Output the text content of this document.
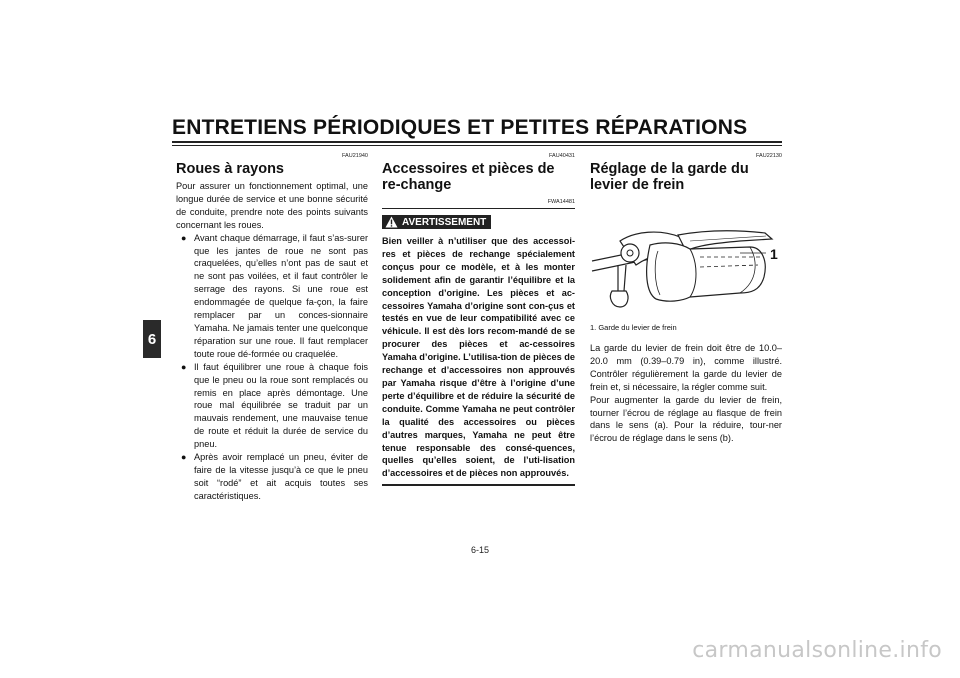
ENTRETIENS PÉRIODIQUES ET PETITES RÉPARATIONS
6
FAU21940
Roues à rayons

Pour assurer un fonctionnement optimal, une longue durée de service et une bonne sécurité de conduite, prendre note des points suivants concernant les roues.

● Avant chaque démarrage, il faut s’as-surer que les jantes de roue ne sont pas craquelées, qu’elles n’ont pas de saut et ne sont pas voilées, et il faut contrôler le serrage des rayons. Si une roue est endommagée de quelque fa-çon, la faire remplacer par un conces-sionnaire Yamaha. Ne jamais tenter une quelconque réparation sur une roue. Il faut remplacer toute roue dé-formée ou craquelée.
● Il faut équilibrer une roue à chaque fois que le pneu ou la roue sont remplacés ou remis en place après démontage. Une roue mal équilibrée se traduit par un mauvais rendement, une mauvaise tenue de route et réduit la durée de service du pneu.
● Après avoir remplacé un pneu, éviter de faire de la vitesse jusqu’à ce que le pneu soit “rodé” et ait acquis toutes ses caractéristiques.
FAU40431
Accessoires et pièces de re-change
FWA14481
AVERTISSEMENT
Bien veiller à n’utiliser que des accessoi-res et pièces de rechange spécialement conçus pour ce modèle, et à les monter solidement afin de garantir l’équilibre et la conception d’origine. Les pièces et ac-cessoires Yamaha d’origine sont con-çus et testés en vue de leur compatibilité avec ce véhicule. Il est dès lors recom-mandé de se procurer des pièces et ac-cessoires Yamaha d’origine. L’utilisa-tion de pièces de rechange et d’accessoires non approuvés par Yamaha risque d’être à l’origine d’une perte d’équilibre et de réduire la sécurité de conduite. Comme Yamaha ne peut contrôler la qualité des accessoires ou pièces d’autres marques, Yamaha ne peut être tenue responsable des consé-quences, quelles qu’elles soient, de l’uti-lisation d’accessoires et de pièces non approuvés.
FAU22130
Réglage de la garde du levier de frein
1
1. Garde du levier de frein

La garde du levier de frein doit être de 10.0–20.0 mm (0.39–0.79 in), comme illustré. Contrôler régulièrement la garde du levier de frein et, si nécessaire, la régler comme suit.

Pour augmenter la garde du levier de frein, tourner l’écrou de réglage au flasque de frein dans le sens (a). Pour la réduire, tour-ner l’écrou de réglage dans le sens (b).

6-15
carmanualsonline.info
